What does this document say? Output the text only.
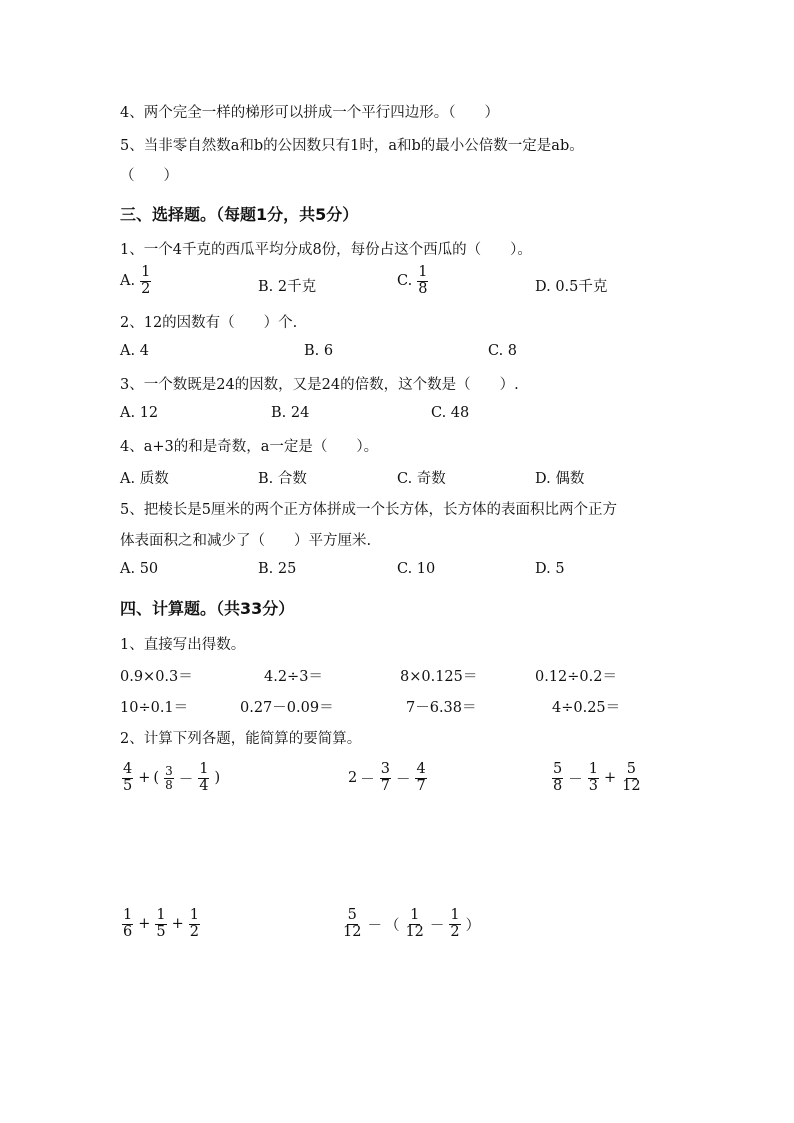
4、两个完全一样的梯形可以拼成一个平行四边形。（　　）
5、当非零自然数a和b的公因数只有1时，a和b的最小公倍数一定是ab。
（　　）
三、选择题。（每题1分，共5分）
1、一个4千克的西瓜平均分成8份，每份占这个西瓜的（　　）。
A. $\frac{1}{2}$	B. 2千克	C. $\frac{1}{8}$	D. 0.5千克
2、12的因数有（　　）个.
A. 4	B. 6	C. 8
3、一个数既是24的因数，又是24的倍数，这个数是（　　）.
A. 12	B. 24	C. 48
4、a+3的和是奇数，a一定是（　　）。
A. 质数	B. 合数	C. 奇数	D. 偶数
5、把棱长是5厘米的两个正方体拼成一个长方体，长方体的表面积比两个正方
体表面积之和减少了（　　）平方厘米.
A. 50	B. 25	C. 10	D. 5
四、计算题。（共33分）
1、直接写出得数。
0.9×0.3＝	4.2÷3＝	8×0.125＝	0.12÷0.2＝
10÷0.1＝	0.27－0.09＝	7－6.38＝	4÷0.25＝
2、计算下列各题，能简算的要简算。
$\frac{4}{5}$ + ( $\frac{3}{8} - \frac{1}{4}$ )	$2 - \frac{3}{7} - \frac{4}{7}$	$\frac{5}{8} - \frac{1}{3} + \frac{5}{12}$
$\frac{1}{6} + \frac{1}{5} + \frac{1}{2}$	$\frac{5}{12}$ － （ $\frac{1}{12} - \frac{1}{2}$ ）
